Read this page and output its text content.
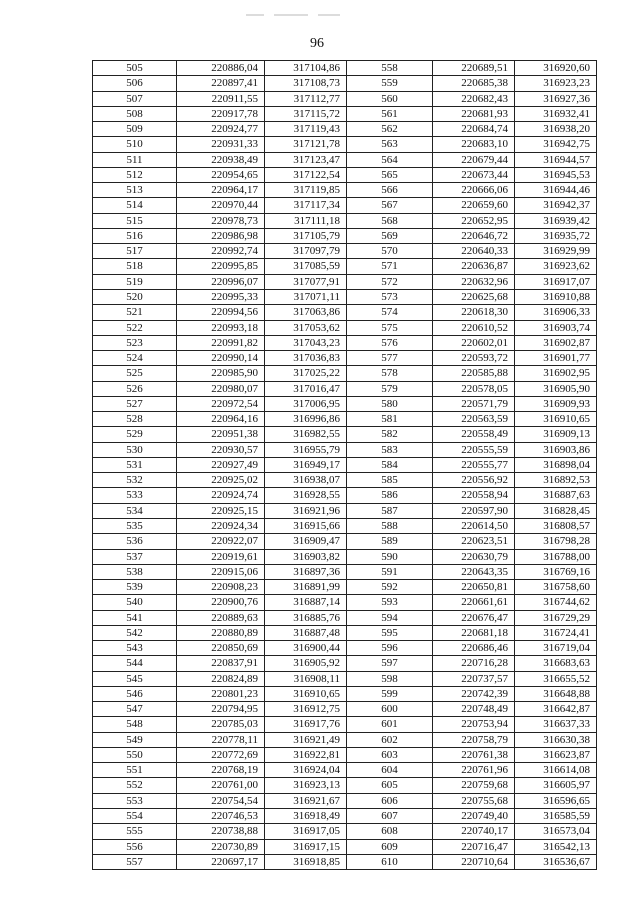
96
505	220886,04	317104,86	558	220689,51	316920,60
506	220897,41	317108,73	559	220685,38	316923,23
507	220911,55	317112,77	560	220682,43	316927,36
508	220917,78	317115,72	561	220681,93	316932,41
509	220924,77	317119,43	562	220684,74	316938,20
510	220931,33	317121,78	563	220683,10	316942,75
511	220938,49	317123,47	564	220679,44	316944,57
512	220954,65	317122,54	565	220673,44	316945,53
513	220964,17	317119,85	566	220666,06	316944,46
514	220970,44	317117,34	567	220659,60	316942,37
515	220978,73	317111,18	568	220652,95	316939,42
516	220986,98	317105,79	569	220646,72	316935,72
517	220992,74	317097,79	570	220640,33	316929,99
518	220995,85	317085,59	571	220636,87	316923,62
519	220996,07	317077,91	572	220632,96	316917,07
520	220995,33	317071,11	573	220625,68	316910,88
521	220994,56	317063,86	574	220618,30	316906,33
522	220993,18	317053,62	575	220610,52	316903,74
523	220991,82	317043,23	576	220602,01	316902,87
524	220990,14	317036,83	577	220593,72	316901,77
525	220985,90	317025,22	578	220585,88	316902,95
526	220980,07	317016,47	579	220578,05	316905,90
527	220972,54	317006,95	580	220571,79	316909,93
528	220964,16	316996,86	581	220563,59	316910,65
529	220951,38	316982,55	582	220558,49	316909,13
530	220930,57	316955,79	583	220555,59	316903,86
531	220927,49	316949,17	584	220555,77	316898,04
532	220925,02	316938,07	585	220556,92	316892,53
533	220924,74	316928,55	586	220558,94	316887,63
534	220925,15	316921,96	587	220597,90	316828,45
535	220924,34	316915,66	588	220614,50	316808,57
536	220922,07	316909,47	589	220623,51	316798,28
537	220919,61	316903,82	590	220630,79	316788,00
538	220915,06	316897,36	591	220643,35	316769,16
539	220908,23	316891,99	592	220650,81	316758,60
540	220900,76	316887,14	593	220661,61	316744,62
541	220889,63	316885,76	594	220676,47	316729,29
542	220880,89	316887,48	595	220681,18	316724,41
543	220850,69	316900,44	596	220686,46	316719,04
544	220837,91	316905,92	597	220716,28	316683,63
545	220824,89	316908,11	598	220737,57	316655,52
546	220801,23	316910,65	599	220742,39	316648,88
547	220794,95	316912,75	600	220748,49	316642,87
548	220785,03	316917,76	601	220753,94	316637,33
549	220778,11	316921,49	602	220758,79	316630,38
550	220772,69	316922,81	603	220761,38	316623,87
551	220768,19	316924,04	604	220761,96	316614,08
552	220761,00	316923,13	605	220759,68	316605,97
553	220754,54	316921,67	606	220755,68	316596,65
554	220746,53	316918,49	607	220749,40	316585,59
555	220738,88	316917,05	608	220740,17	316573,04
556	220730,89	316917,15	609	220716,47	316542,13
557	220697,17	316918,85	610	220710,64	316536,67
